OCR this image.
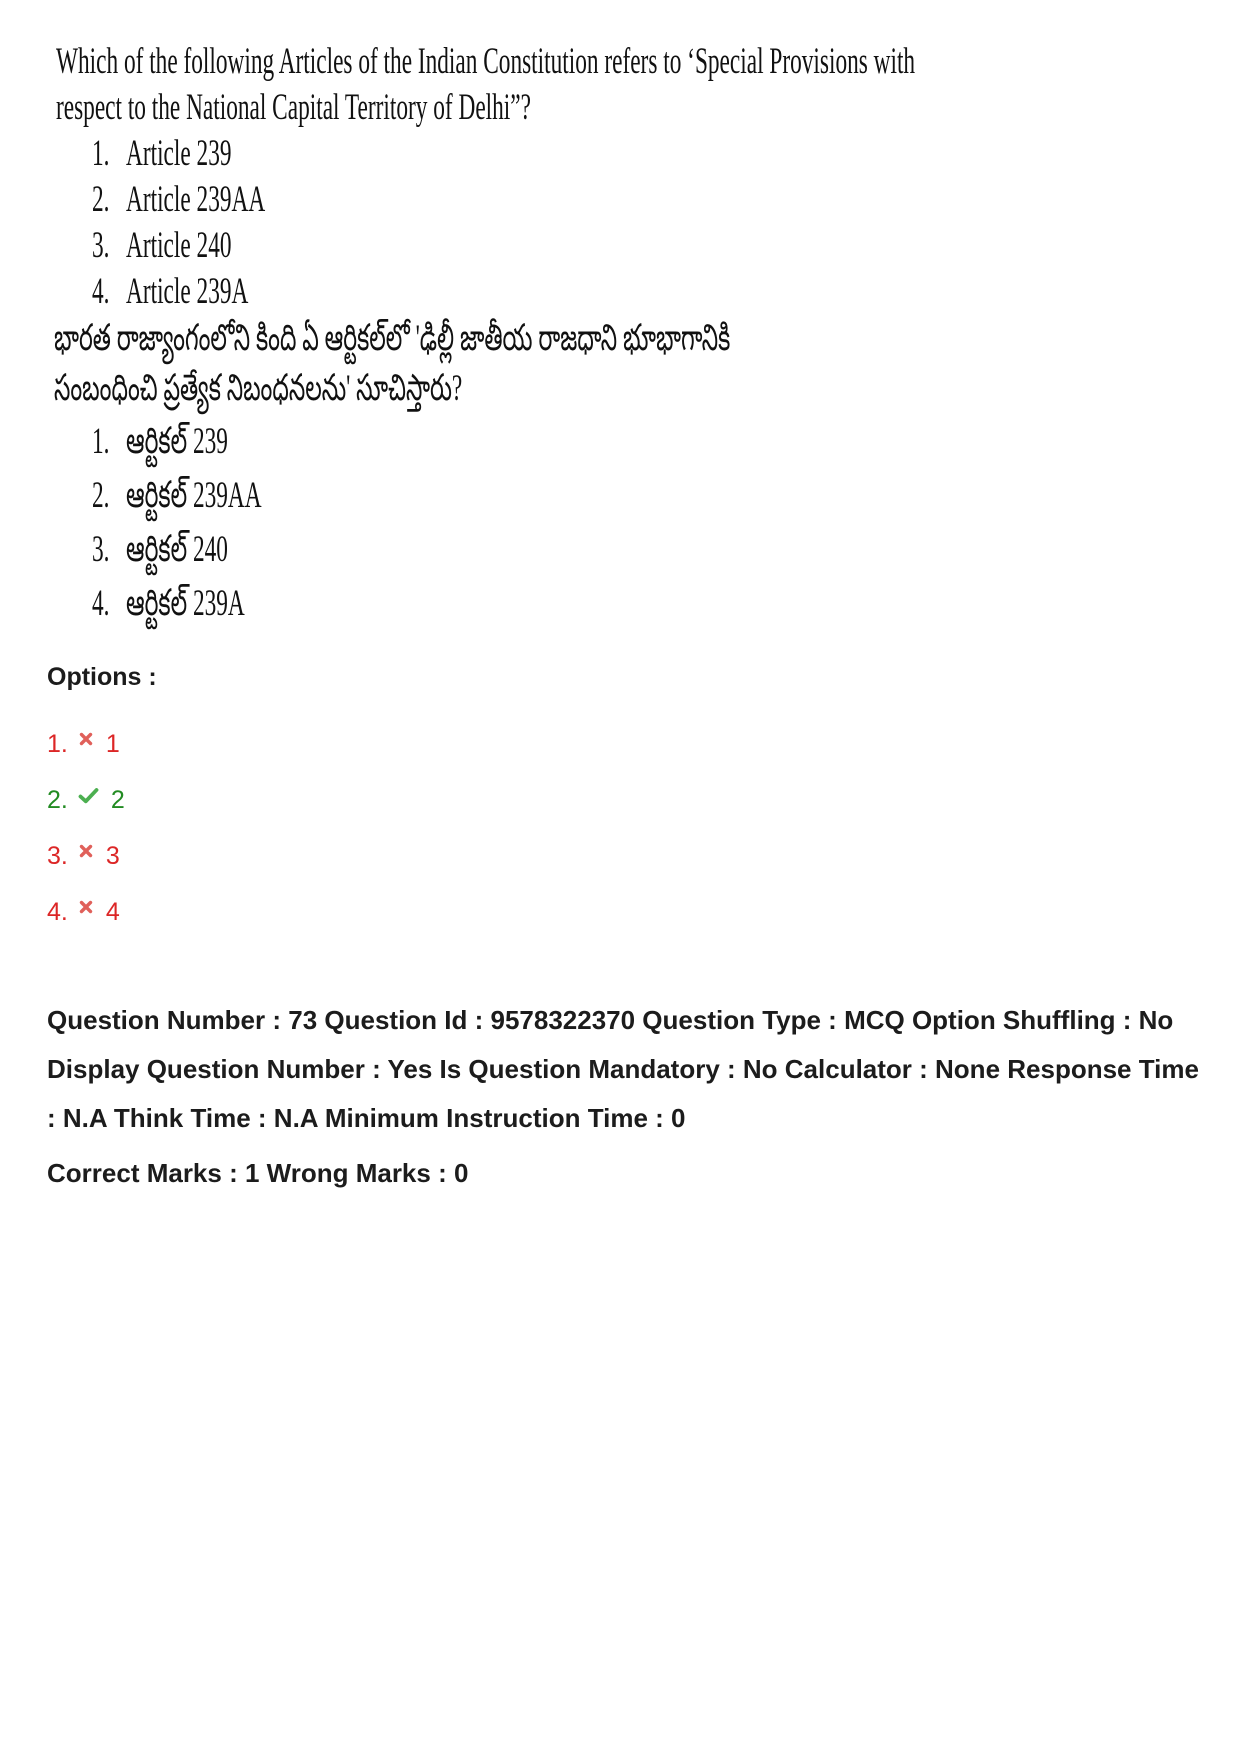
Which of the following Articles of the Indian Constitution refers to ‘Special Provisions with
respect to the National Capital Territory of Delhi”?
1. Article 239
2. Article 239AA
3. Article 240
4. Article 239A
భారత రాజ్యాంగంలోని కింది ఏ ఆర్టికల్‌లో 'ఢిల్లీ జాతీయ రాజధాని భూభాగానికి
సంబంధించి ప్రత్యేక నిబంధనలను' సూచిస్తారు?
1. ఆర్టికల్ 239
2. ఆర్టికల్ 239AA
3. ఆర్టికల్ 240
4. ఆర్టికల్ 239A
Options :
1. 1
2. 2
3. 3
4. 4
Question Number : 73 Question Id : 9578322370 Question Type : MCQ Option Shuffling : No
Display Question Number : Yes Is Question Mandatory : No Calculator : None Response Time
: N.A Think Time : N.A Minimum Instruction Time : 0
Correct Marks : 1 Wrong Marks : 0
